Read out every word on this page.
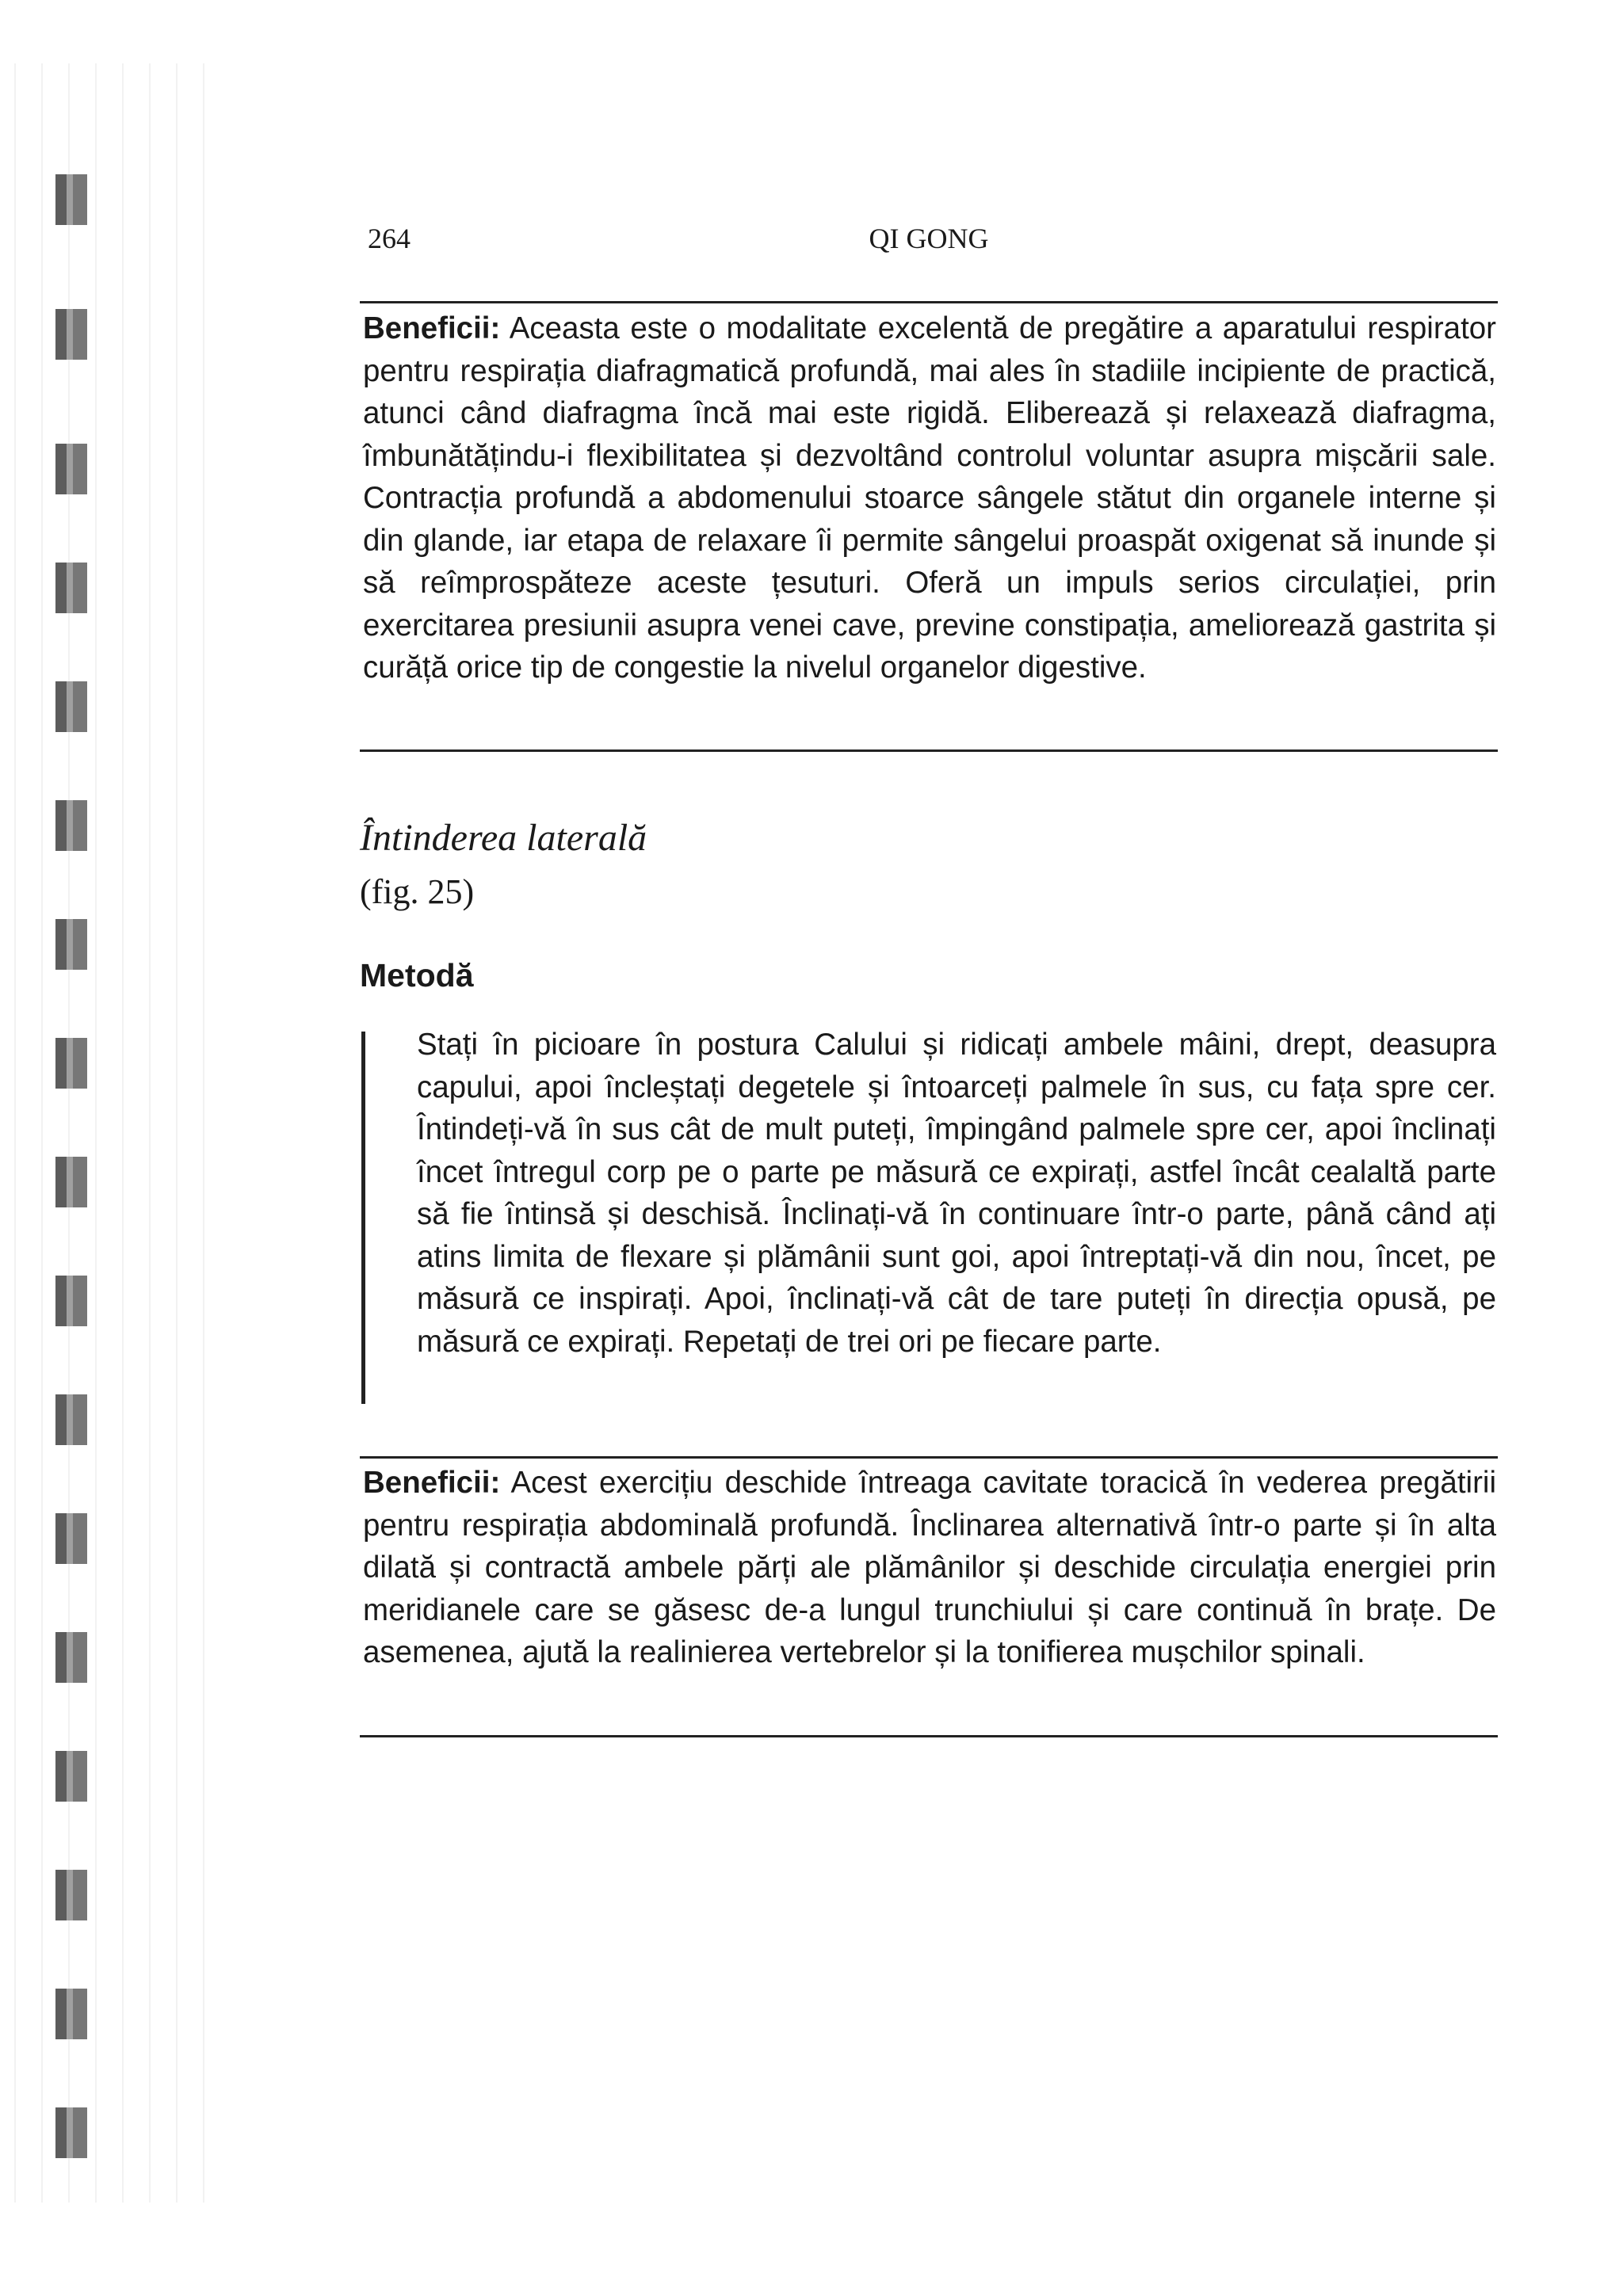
264	QI GONG

Beneficii: Aceasta este o modalitate excelentă de pregătire a aparatului respirator pentru respirația diafragmatică profundă, mai ales în stadiile incipiente de practică, atunci când diafragma încă mai este rigidă. Eliberează și relaxează diafragma, îmbunătățindu-i flexibilitatea și dezvoltând controlul voluntar asupra mișcării sale. Contracția profundă a abdomenului stoarce sângele stătut din organele interne și din glande, iar etapa de relaxare îi permite sângelui proaspăt oxigenat să inunde și să reîmprospăteze aceste țesuturi. Oferă un impuls serios circulației, prin exercitarea presiunii asupra venei cave, previne constipația, ameliorează gastrita și curăță orice tip de congestie la nivelul organelor digestive.

Întinderea laterală
(fig. 25)
Metodă

Stați în picioare în postura Calului și ridicați ambele mâini, drept, deasupra capului, apoi încleștați degetele și întoarceți palmele în sus, cu fața spre cer. Întindeți-vă în sus cât de mult puteți, împingând palmele spre cer, apoi înclinați încet întregul corp pe o parte pe măsură ce expirați, astfel încât cealaltă parte să fie întinsă și deschisă. Înclinați-vă în continuare într-o parte, până când ați atins limita de flexare și plămânii sunt goi, apoi întreptați-vă din nou, încet, pe măsură ce inspirați. Apoi, înclinați-vă cât de tare puteți în direcția opusă, pe măsură ce expirați. Repetați de trei ori pe fiecare parte.

Beneficii: Acest exercițiu deschide întreaga cavitate toracică în vederea pregătirii pentru respirația abdominală profundă. Înclinarea alternativă într-o parte și în alta dilată și contractă ambele părți ale plămânilor și deschide circulația energiei prin meridianele care se găsesc de-a lungul trunchiului și care continuă în brațe. De asemenea, ajută la realinierea vertebrelor și la tonifierea mușchilor spinali.
